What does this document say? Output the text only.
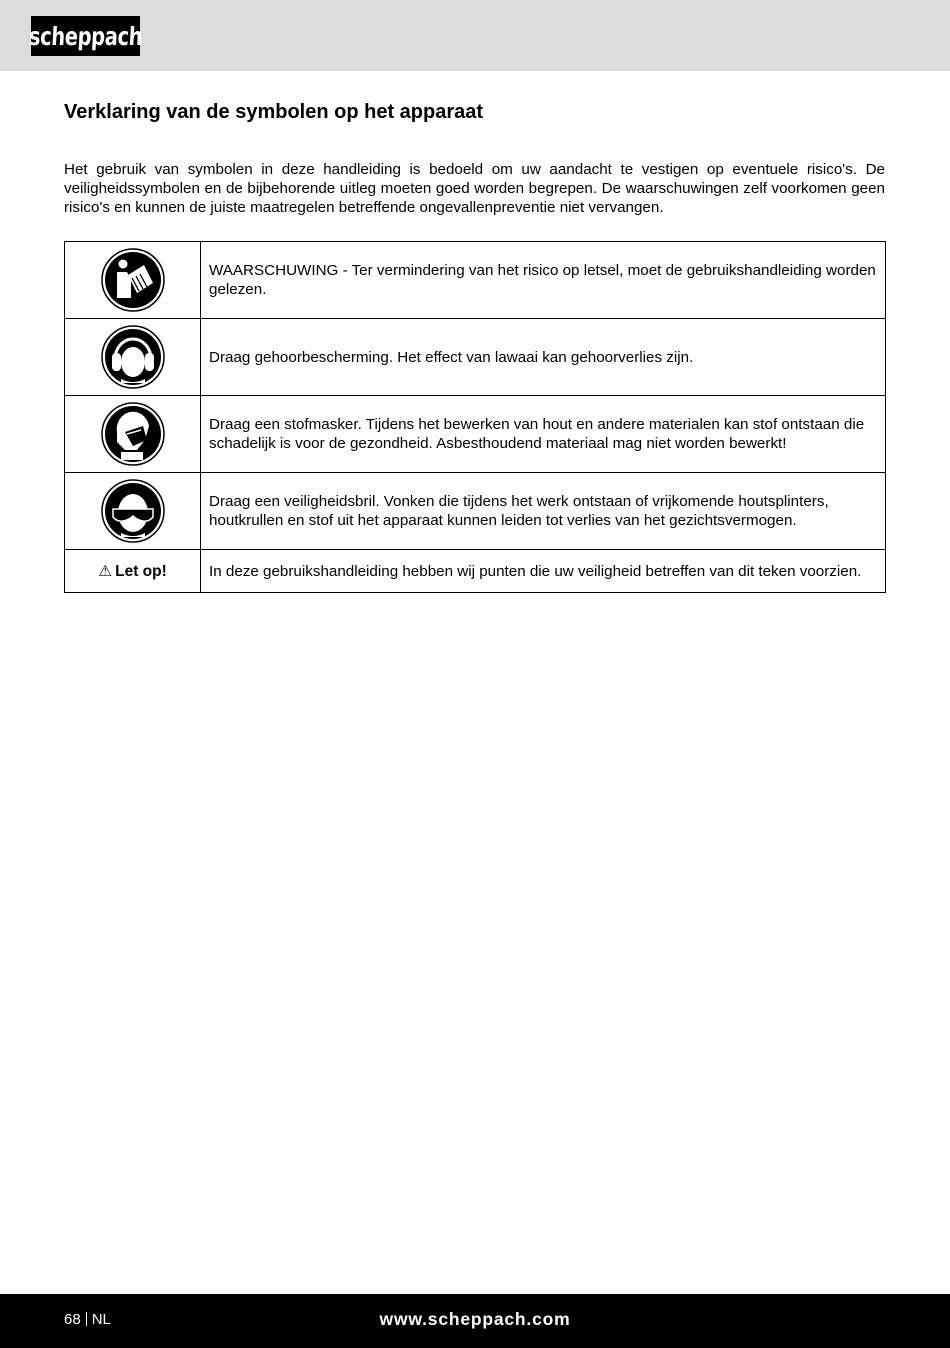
scheppach
Verklaring van de symbolen op het apparaat

Het gebruik van symbolen in deze handleiding is bedoeld om uw aandacht te vestigen op eventuele risico's. De veiligheidssymbolen en de bijbehorende uitleg moeten goed worden begrepen. De waarschuwingen zelf voorkomen geen risico's en kunnen de juiste maatregelen betreffende ongevallenpreventie niet vervangen.

	WAARSCHUWING - Ter vermindering van het risico op letsel, moet de gebruikshandleiding worden gelezen.

	Draag gehoorbescherming. Het effect van lawaai kan gehoorverlies zijn.

	Draag een stofmasker. Tijdens het bewerken van hout en andere materialen kan stof ontstaan die schadelijk is voor de gezondheid. Asbesthoudend materiaal mag niet worden bewerkt!

	Draag een veiligheidsbril. Vonken die tijdens het werk ontstaan of vrijkomende houtsplinters, houtkrullen en stof uit het apparaat kunnen leiden tot verlies van het gezichtsvermogen.
⚠ Let op!	In deze gebruikshandleiding hebben wij punten die uw veiligheid betreffen van dit teken voorzien.
68 NL	www.scheppach.com
